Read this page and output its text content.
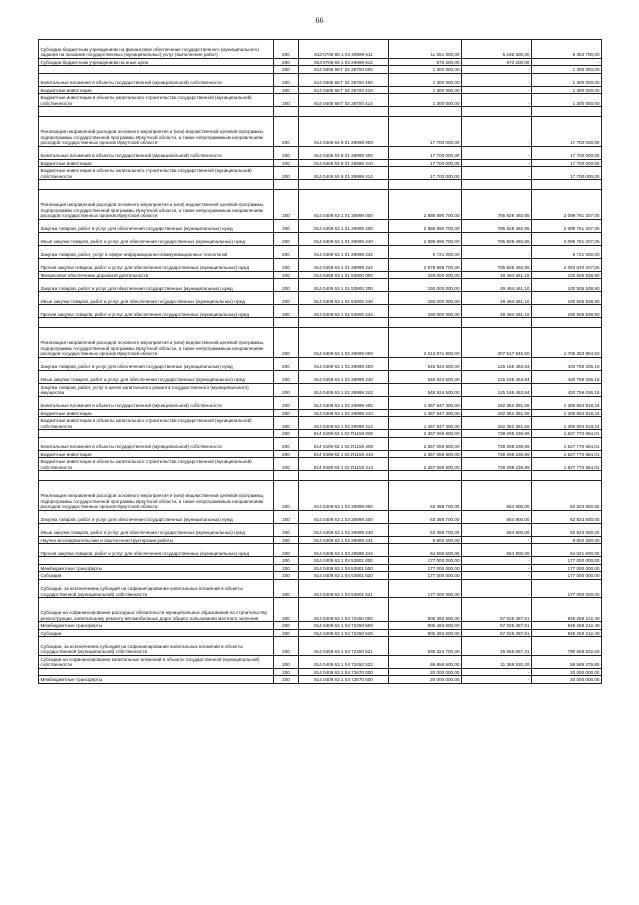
66
Субсидии бюджетным учреждениям на финансовое обеспечение государственного (муниципального) задания на оказание государственных (муниципальных) услуг (выполнение работ)	200	813 0705 66 1 04 29999 611	11 551 000,00	5 196 300,00	6 354 700,00
Субсидии бюджетным учреждениям на иные цели	200	813 0705 66 1 04 29999 612	970 200,00	970 200,00	-
	200	814 0405 68 Г 02 28700 000	1 300 000,00	-	1 300 000,00
Капитальные вложения в объекты государственной (муниципальной) собственности	200	814 0405 68 Г 02 28700 400	1 300 000,00	-	1 300 000,00
Бюджетные инвестиции	200	814 0405 68 Г 02 28700 410	1 300 000,00	-	1 300 000,00
Бюджетные инвестиции в объекты капитального строительства государственной (муниципальной) собственности	200	814 0405 68 Г 02 28700 414	1 300 000,00	-	1 300 000,00

Реализация направлений расходов основного мероприятия и (или) ведомственной целевой программы, подпрограммы государственной программы Иркутской области, а также непрограммным направлениям расходов государственных органов Иркутской области	200	814 0406 64 9 01 29999 000	17 700 000,00	-	17 700 000,00
Капитальные вложения в объекты государственной (муниципальной) собственности	200	814 0406 64 9 01 29999 400	17 700 000,00	-	17 700 000,00
Бюджетные инвестиции	200	814 0406 64 9 01 29999 410	17 700 000,00	-	17 700 000,00
Бюджетные инвестиции в объекты капитального строительства государственной (муниципальной) собственности	200	814 0406 64 9 01 29999 414	17 700 000,00	-	17 700 000,00

Реализация направлений расходов основного мероприятия и (или) ведомственной целевой программы, подпрограммы государственной программы Иркутской области, а также непрограммным направлениям расходов государственных органов Иркутской области	200	814 0409 63 1 01 29999 000	2 885 690 700,00	785 929 492,95	2 099 761 207,05
Закупка товаров, работ и услуг для обеспечения государственных (муниципальных) нужд	200	814 0409 63 1 01 29999 200	2 885 690 700,00	785 929 492,95	2 099 761 207,05
Иные закупки товаров, работ и услуг для обеспечения государственных (муниципальных) нужд	200	814 0409 63 1 01 29999 240	2 885 690 700,00	785 929 492,95	2 099 761 207,05
Закупка товаров, работ, услуг в сфере информационно-коммуникационных технологий	200	814 0409 63 1 01 29999 242	6 721 000,00	-	6 721 000,00
Прочая закупка товаров, работ и услуг для обеспечения государственных (муниципальных) нужд	200	814 0409 63 1 01 29999 244	2 878 969 700,00	785 929 492,95	2 093 040 207,05
Финансовое обеспечение дорожной деятельности	200	814 0409 63 1 01 53900 000	150 000 000,00	49 494 461,10	100 505 538,90
Закупка товаров, работ и услуг для обеспечения государственных (муниципальных) нужд	200	814 0409 63 1 01 53900 200	150 000 000,00	49 494 461,10	100 505 538,90
Иные закупки товаров, работ и услуг для обеспечения государственных (муниципальных) нужд	200	814 0409 63 1 01 53900 240	150 000 000,00	49 494 461,10	100 505 538,90
Прочая закупка товаров, работ и услуг для обеспечения государственных (муниципальных) нужд	200	814 0409 63 1 01 53900 244	150 000 000,00	49 494 461,10	100 505 538,90

Реализация направлений расходов основного мероприятия и (или) ведомственной целевой программы, подпрограммы государственной программы Иркутской области, а также непрограммным направлениям расходов государственных органов Иркутской области	200	814 0409 63 1 02 29999 000	2 013 871 800,00	307 517 845,50	1 706 353 954,50
Закупка товаров, работ и услуг для обеспечения государственных (муниципальных) нужд	200	814 0409 63 1 02 29999 200	545 924 500,00	125 165 463,84	420 759 036,16
Иные закупки товаров, работ и услуг для обеспечения государственных (муниципальных) нужд	200	814 0409 63 1 02 29999 240	545 924 500,00	125 165 463,84	420 759 036,16
Закупка товаров, работ, услуг в целях капитального ремонта государственного (муниципального) имущества	200	814 0409 63 1 02 29999 243	545 924 500,00	125 165 463,84	420 759 036,16
Капитальные вложения в объекты государственной (муниципальной) собственности	200	814 0409 63 1 02 29999 400	1 467 947 300,00	182 352 381,66	1 285 594 918,34
Бюджетные инвестиции	200	814 0409 63 1 02 29999 410	1 467 947 300,00	182 352 381,66	1 285 594 918,34
Бюджетные инвестиции в объекты капитального строительства государственной (муниципальной) собственности	200	814 0409 63 1 02 29999 414	1 467 947 300,00	182 352 381,66	1 285 594 918,34
	200	814 0409 63 1 02 R1150 000	2 367 068 800,00	739 298 235,99	1 627 770 564,01
Капитальные вложения в объекты государственной (муниципальной) собственности	200	814 0409 63 1 02 R1150 400	2 367 068 800,00	739 298 235,99	1 627 770 564,01
Бюджетные инвестиции	200	814 0409 63 1 02 R1150 410	2 367 068 800,00	739 298 235,99	1 627 770 564,01
Бюджетные инвестиции в объекты капитального строительства государственной (муниципальной) собственности	200	814 0409 63 1 02 R1150 414	2 367 068 800,00	739 298 235,99	1 627 770 564,01

Реализация направлений расходов основного мероприятия и (или) ведомственной целевой программы, подпрограммы государственной программы Иркутской области, а также непрограммным направлениям расходов государственных органов Иркутской области	200	814 0409 63 1 03 29999 000	63 388 700,00	564 900,00	62 823 800,00
Закупка товаров, работ и услуг для обеспечения государственных (муниципальных) нужд	200	814 0409 63 1 03 29999 200	63 388 700,00	564 900,00	62 823 800,00
Иные закупки товаров, работ и услуг для обеспечения государственных (муниципальных) нужд	200	814 0409 63 1 03 29999 240	63 388 700,00	564 900,00	62 823 800,00
Научно-исследовательские и опытно-конструкторские работы	200	814 0409 63 1 03 29999 241	8 802 200,00	-	8 802 200,00
Прочая закупка товаров, работ и услуг для обеспечения государственных (муниципальных) нужд	200	814 0409 63 1 03 29999 244	54 586 500,00	564 900,00	54 021 600,00
	200	814 0409 63 1 04 53901 000	177 000 000,00	-	177 000 000,00
Межбюджетные трансферты	200	814 0409 63 1 04 53901 500	177 000 000,00	-	177 000 000,00
Субсидии	200	814 0409 63 1 04 53901 520	177 000 000,00	-	177 000 000,00
Субсидии, за исключением субсидий на софинансирование капитальных вложений в объекты государственной (муниципальной) собственности	200	814 0409 63 1 04 53901 521	177 000 000,00	-	177 000 000,00
Субсидии на софинансирование расходных обязательств муниципальных образований по строительству, реконструкции, капитальному ремонту автомобильных дорог общего пользования местного значения	200	814 0409 63 1 04 72450 000	906 283 600,00	57 025 387,51	849 258 212,49
Межбюджетные трансферты	200	814 0409 63 1 04 72450 500	906 283 600,00	57 025 387,51	849 258 212,49
Субсидии	200	814 0409 63 1 04 72450 520	906 283 600,00	57 025 387,51	849 258 212,49
Субсидии, за исключением субсидий на софинансирование капитальных вложений в объекты государственной (муниципальной) собственности	200	814 0409 63 1 04 72450 521	836 324 700,00	45 655 867,31	790 668 832,69
Субсидии на софинансирование капитальных вложений в объекты государственной (муниципальной) собственности	200	814 0409 63 1 04 72450 522	69 958 900,00	11 369 520,20	58 589 379,80
	200	814 0409 63 1 04 72670 000	20 000 000,00	-	20 000 000,00
Межбюджетные трансферты	200	814 0409 63 1 04 72670 500	20 000 000,00	-	20 000 000,00
